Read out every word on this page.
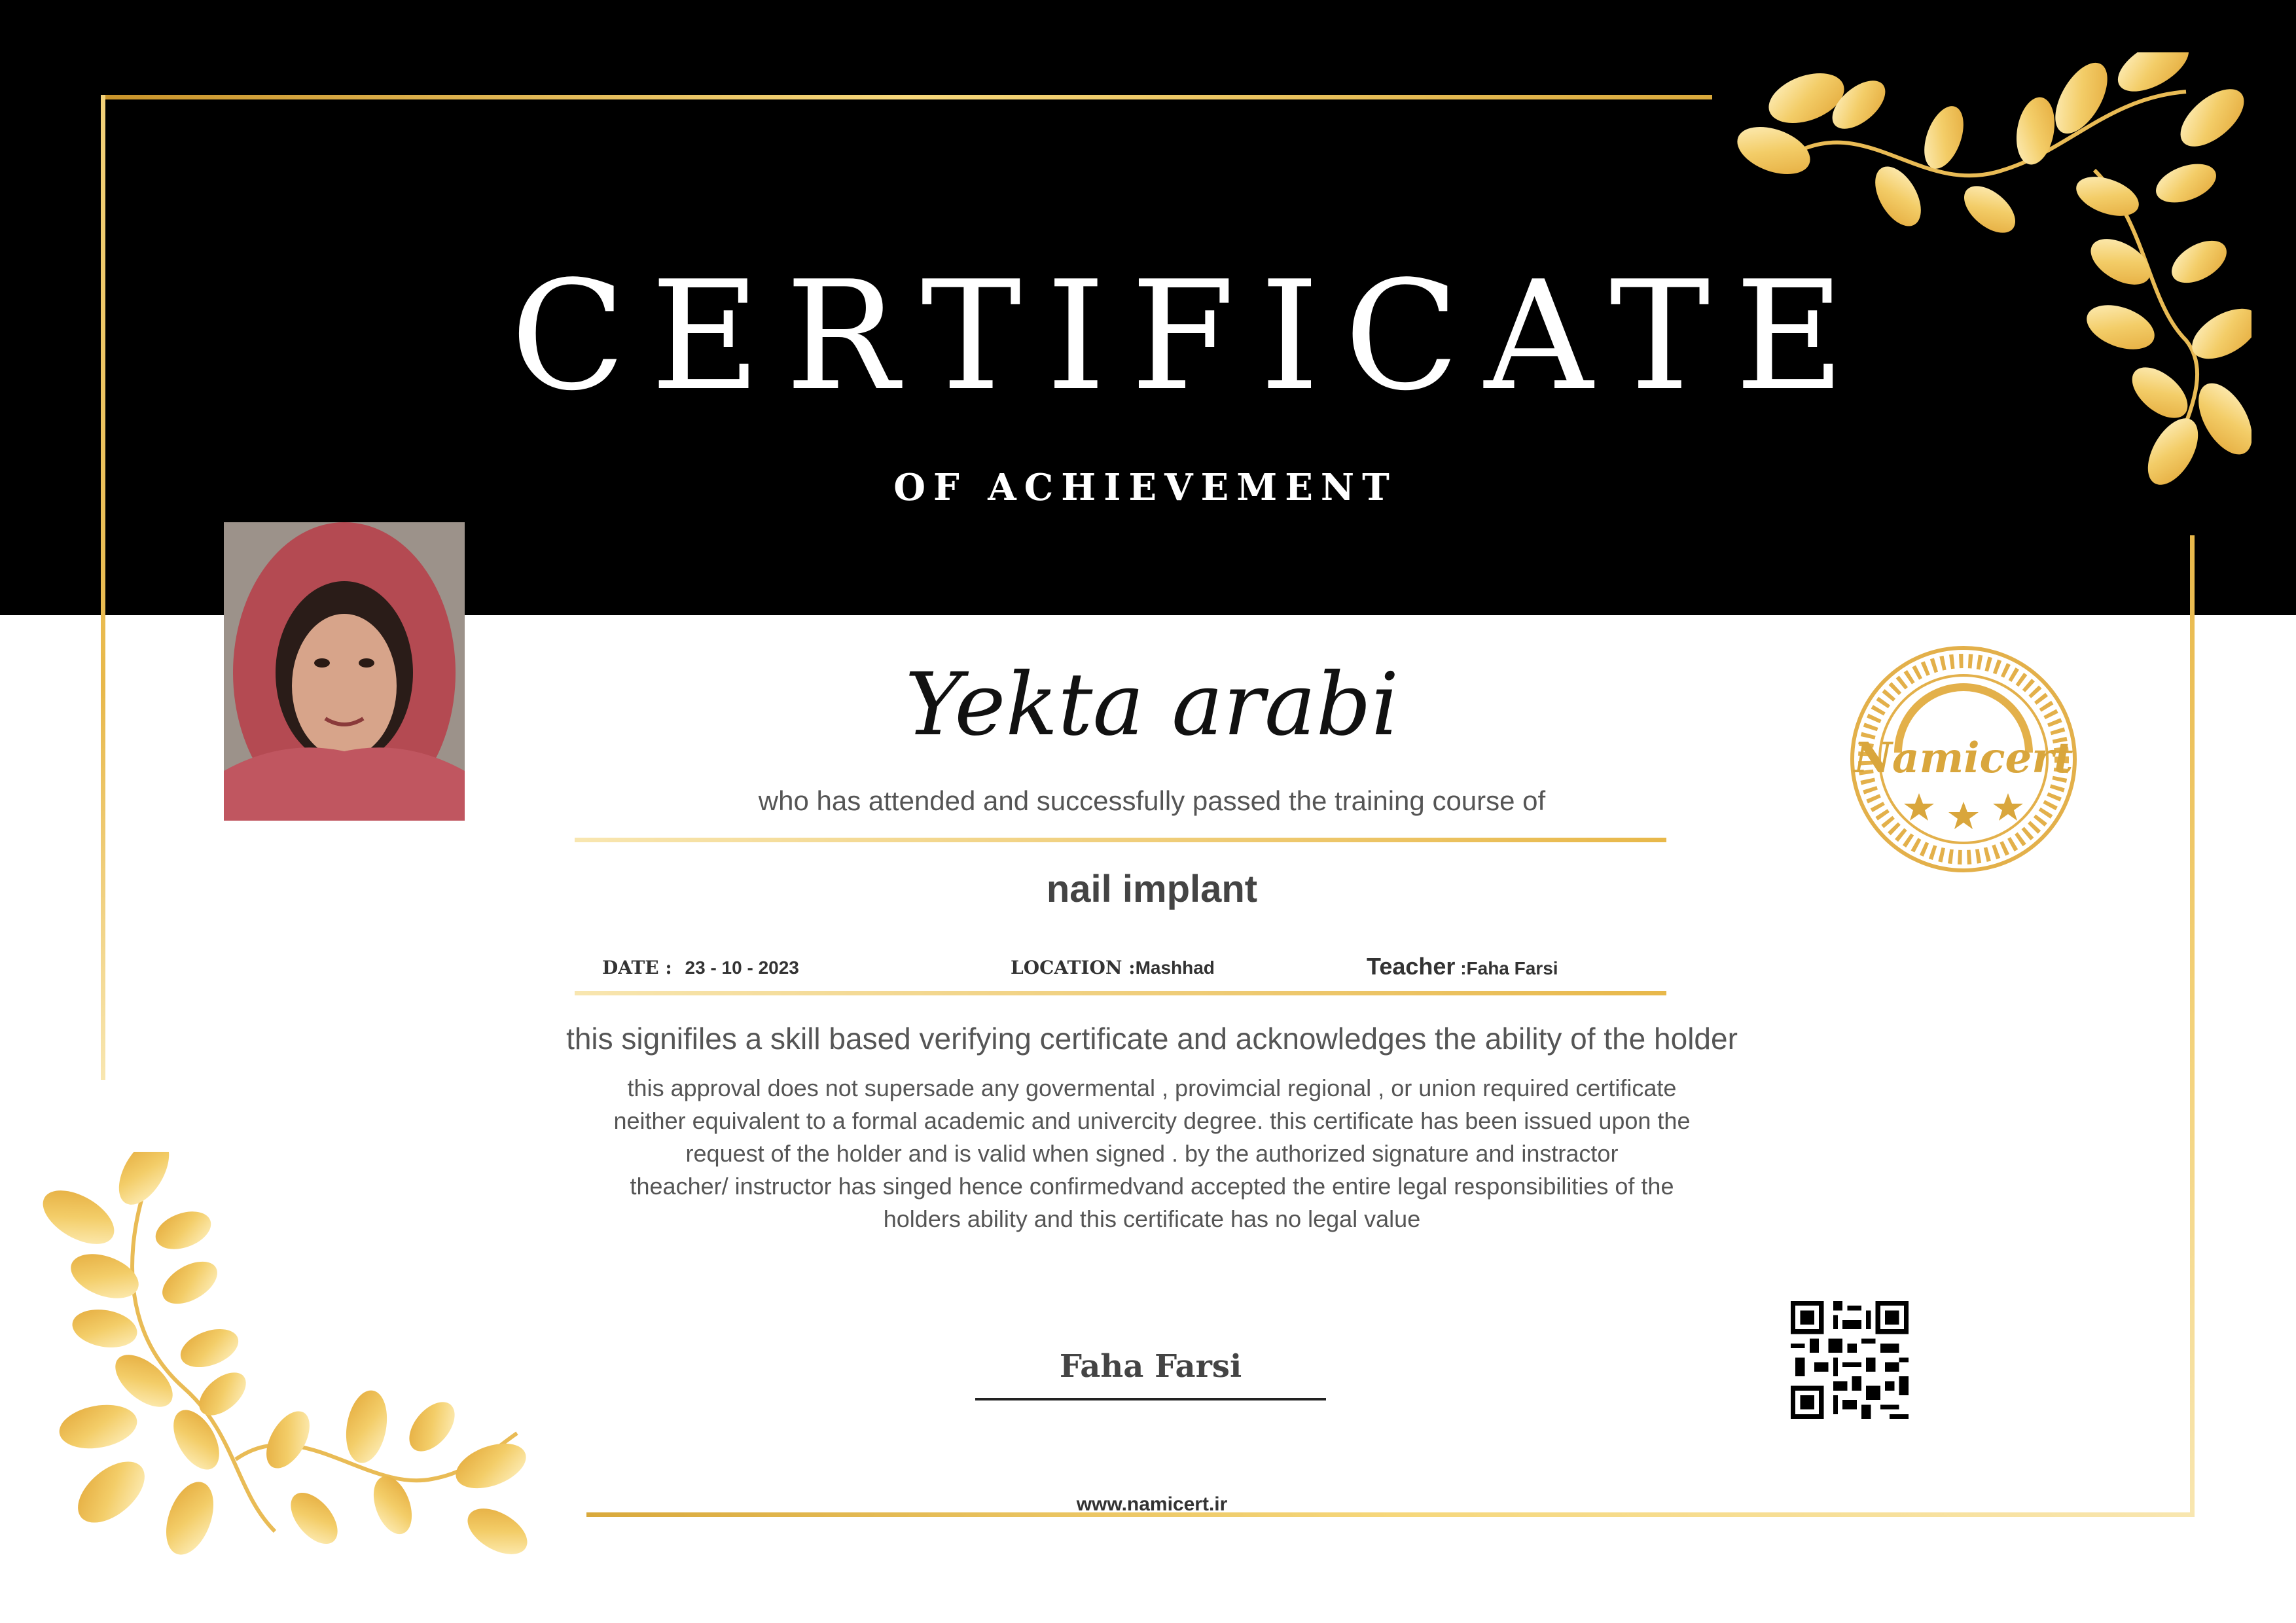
CERTIFICATE
OF ACHIEVEMENT
Yekta arabi
who has attended and successfully passed the training course of
nail implant
DATE : 23 - 10 - 2023	LOCATION :Mashhad	Teacher :Faha Farsi
this signifiles a skill based verifying certificate and acknowledges the ability of the holder
this approval does not supersade any govermental , provimcial regional , or union required certificate
neither equivalent to a formal academic and univercity degree. this certificate has been issued upon the
request of the holder and is valid when signed . by the authorized signature and instractor
theacher/ instructor has singed hence confirmedvand accepted the entire legal responsibilities of the
holders ability and this certificate has no legal value
Namicert
Faha Farsi
www.namicert.ir
